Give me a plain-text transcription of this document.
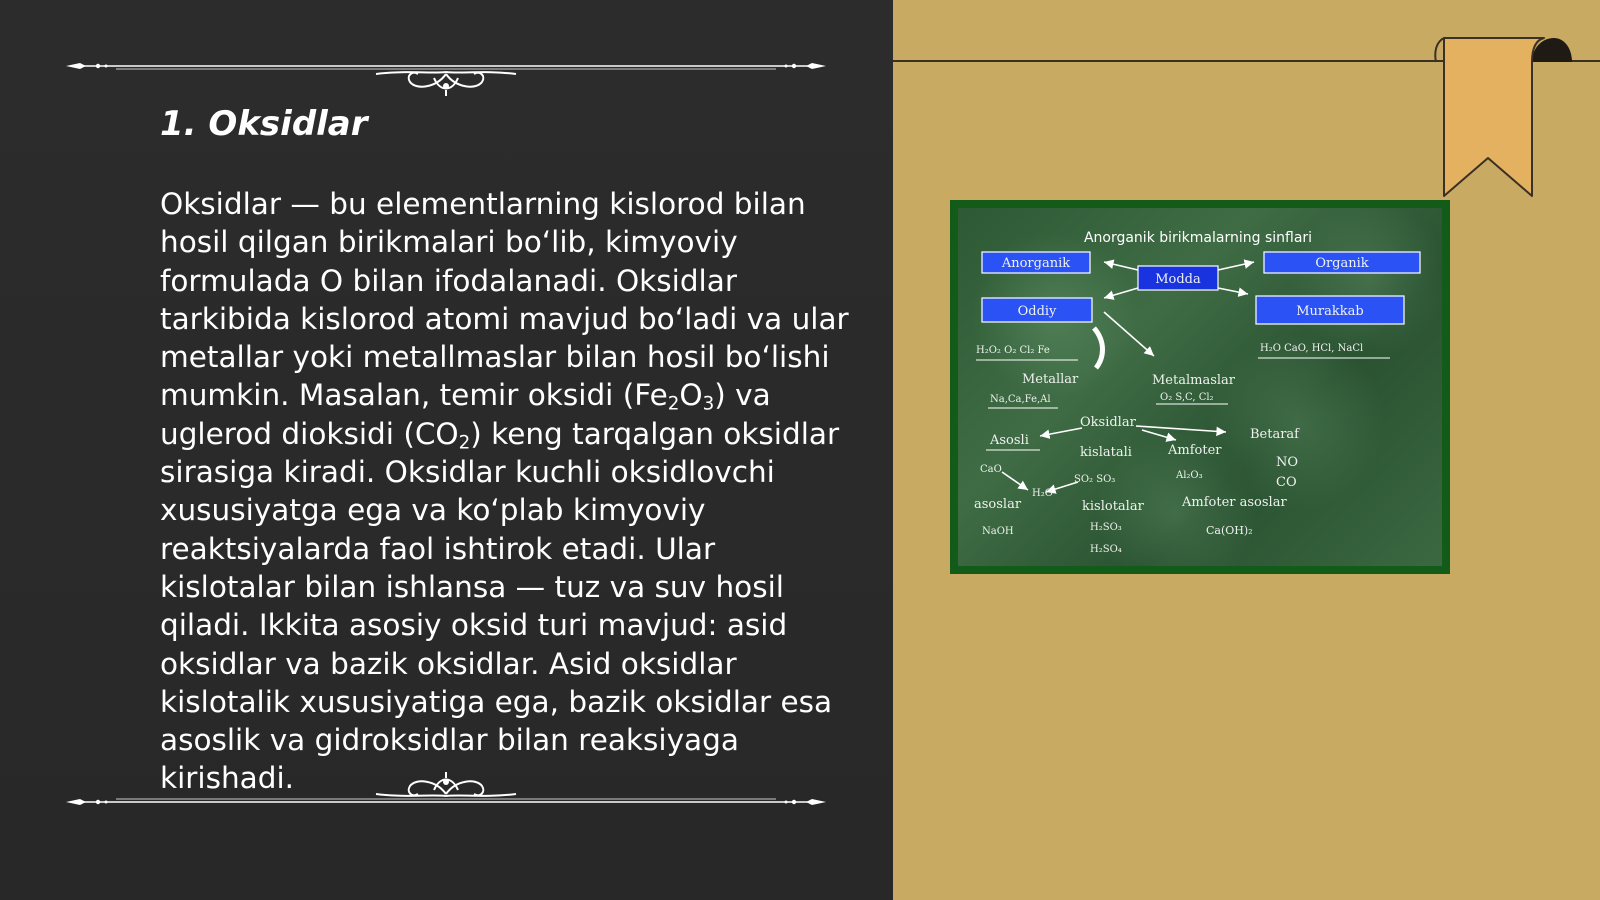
1. Oksidlar

Oksidlar — bu elementlarning kislorod bilan hosil qilgan birikmalari bo‘lib, kimyoviy formulada O bilan ifodalanadi. Oksidlar tarkibida kislorod atomi mavjud bo‘ladi va ular metallar yoki metallmaslar bilan hosil bo‘lishi mumkin. Masalan, temir oksidi $(Fe_2O_3)$ va uglerod dioksidi $(CO_2)$ keng tarqalgan oksidlar sirasiga kiradi. Oksidlar kuchli oksidlovchi xususiyatga ega va ko‘plab kimyoviy reaktsiyalarda faol ishtirok etadi. Ular kislotalar bilan ishlansa — tuz va suv hosil qiladi. Ikkita asosiy oksid turi mavjud: asid oksidlar va bazik oksidlar. Asid oksidlar kislotalik xususiyatiga ega, bazik oksidlar esa asoslik va gidroksidlar bilan reaksiyaga kirishadi.

Anorganik birikmalarning sinflari
Anorganik
Modda
Organik
Oddiy	Murakkab
H₂O₂ O₂ Cl₂ Fe	H₂O CaO, HCl, NaCl
Metallar
Na,Ca,Fe,Al
Metalmaslar
O₂ S,C, Cl₂
Oksidlar
Asosli
kislatali	Amfoter
Betaraf
CaO
H₂O
SO₂ SO₃	Al₂O₃
NO
CO
asoslar	kislotalar	Amfoter asoslar
NaOH	H₂SO₃
H₂SO₄
Ca(OH)₂
